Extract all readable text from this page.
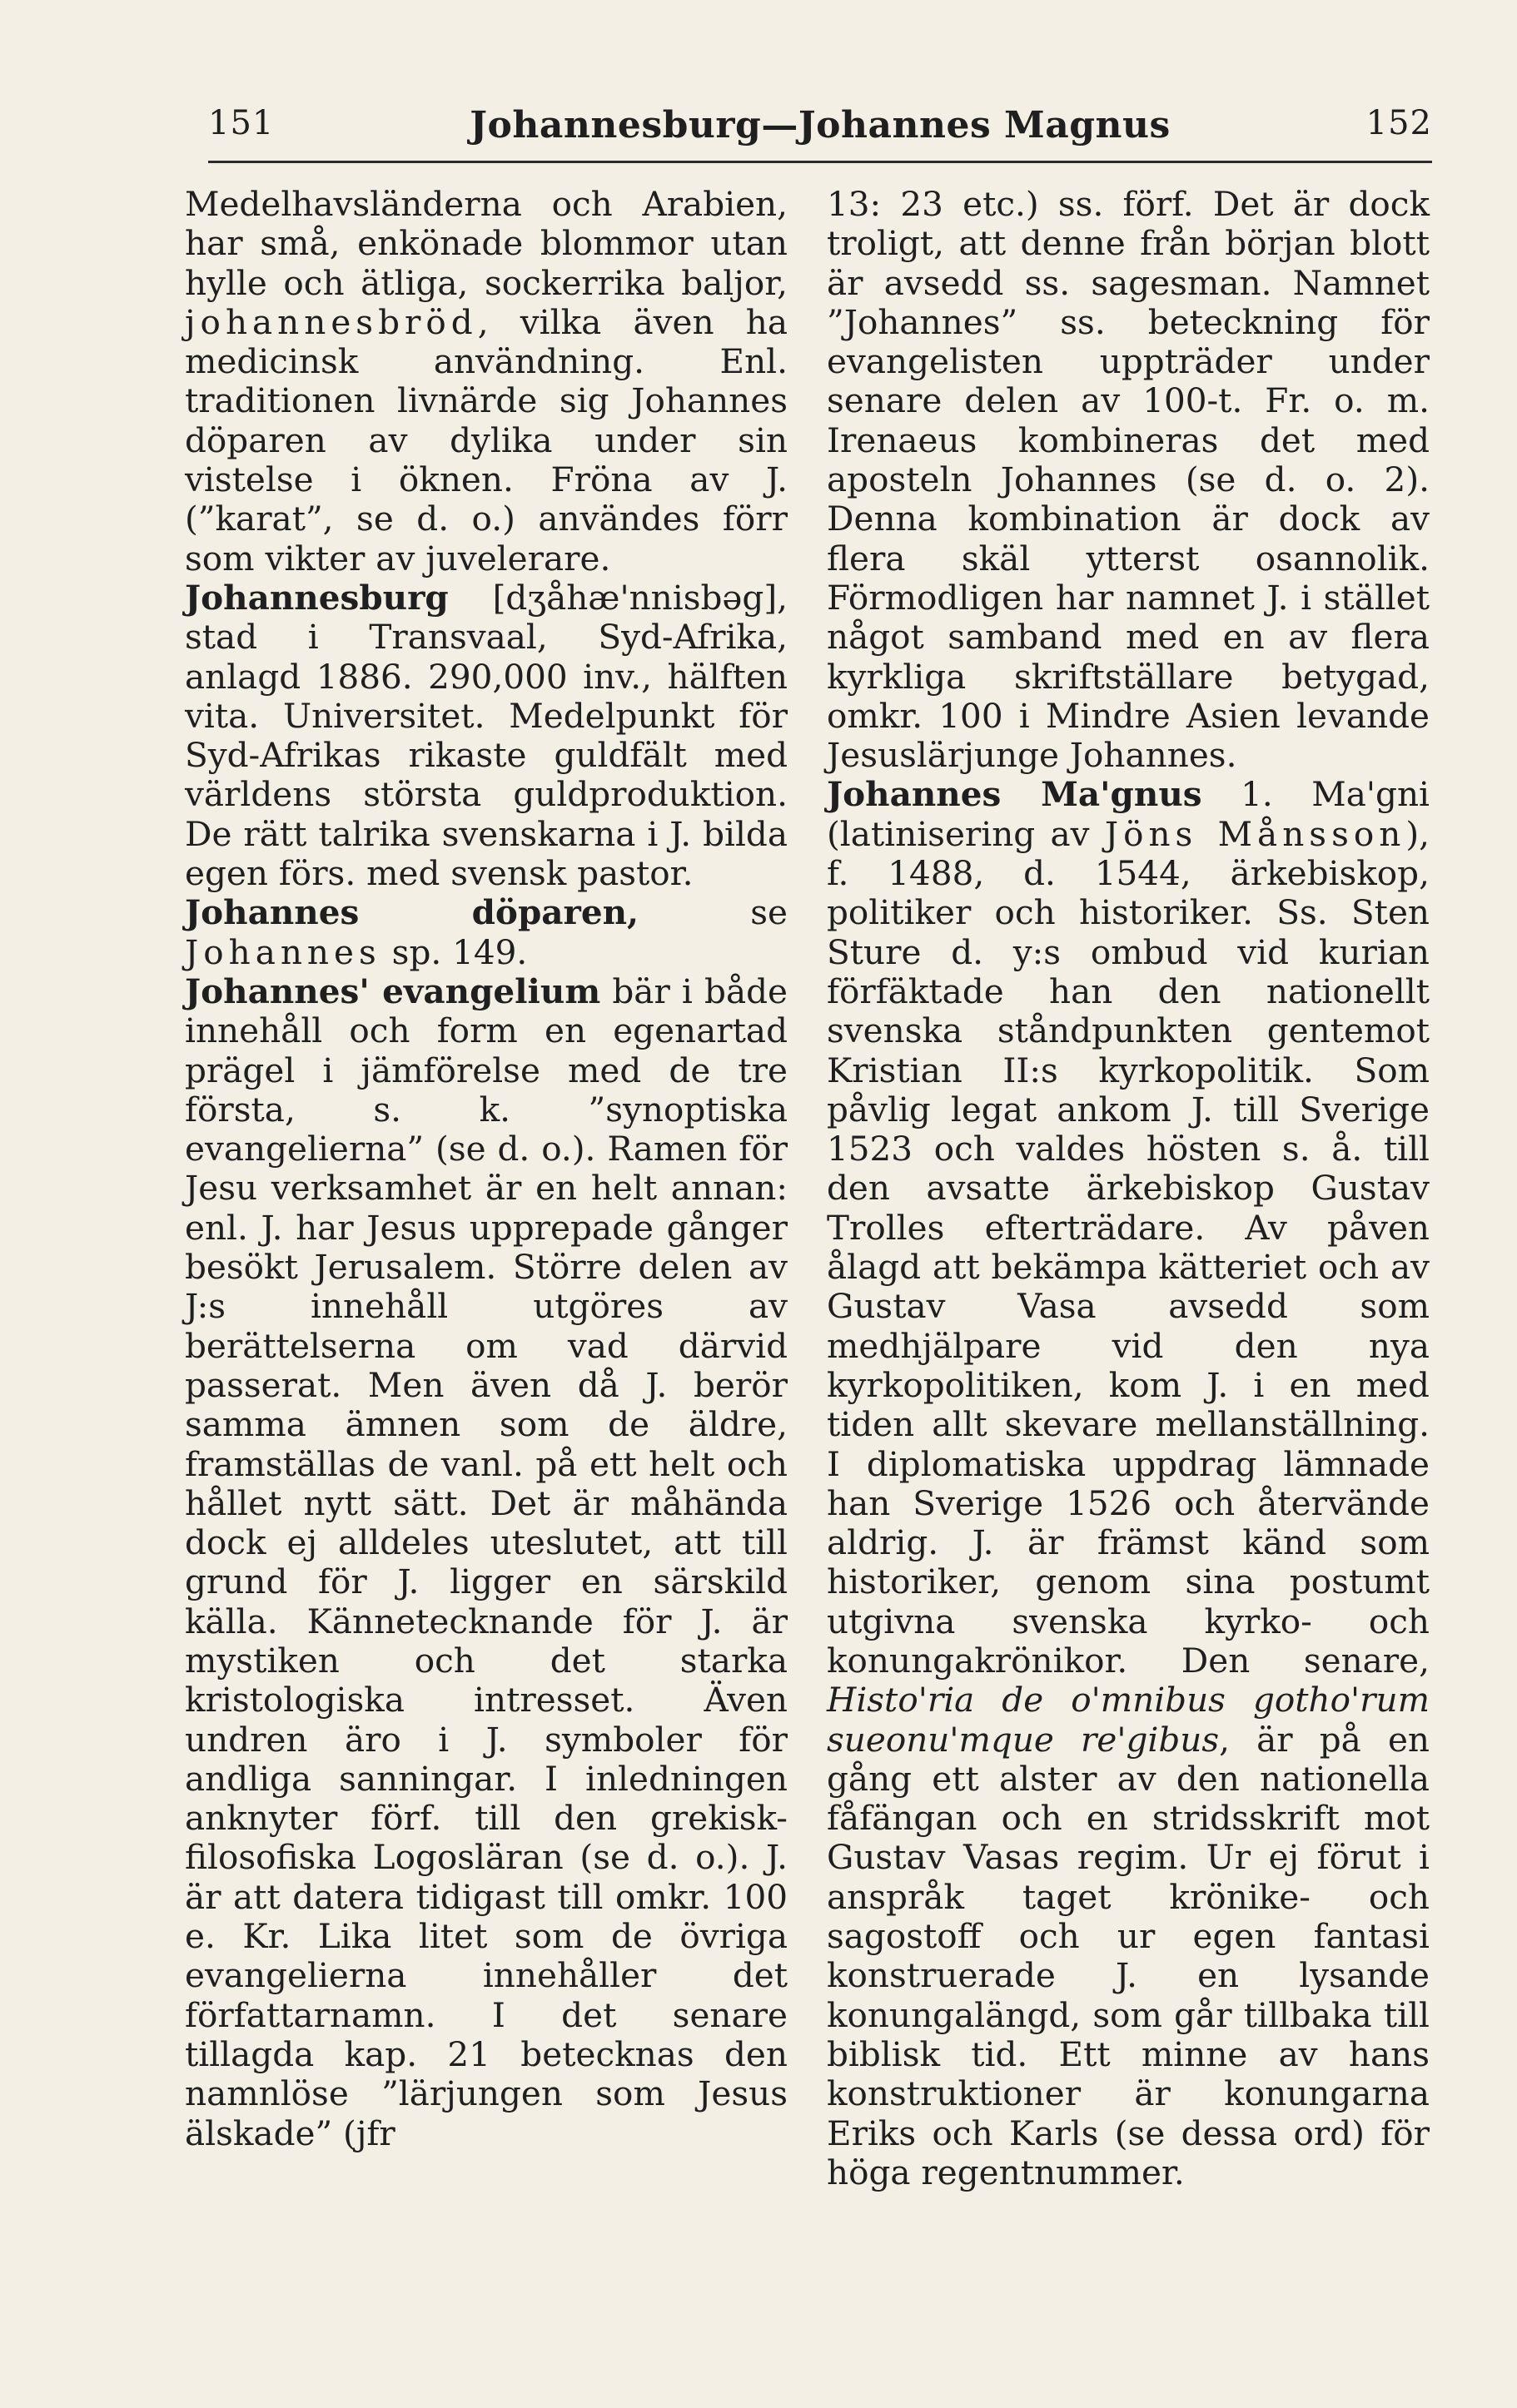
151	Johannesburg—Johannes Magnus	152

Medelhavsländerna och Arabien, har små, enkönade blommor utan hylle och ätliga, sockerrika baljor, johannesbröd, vilka även ha medicinsk användning. Enl. traditionen livnärde sig Johannes döparen av dylika under sin vistelse i öknen. Fröna av J. (”karat”, se d. o.) användes förr som vikter av juvelerare.

Johannesburg [dʒåhæ'nnisbəg], stad i Transvaal, Syd-Afrika, anlagd 1886. 290,000 inv., hälften vita. Universitet. Medelpunkt för Syd-Afrikas rikaste guldfält med världens största guldproduktion. De rätt talrika svenskarna i J. bilda egen förs. med svensk pastor.

Johannes döparen, se Johannes sp. 149.

Johannes' evangelium bär i både innehåll och form en egenartad prägel i jämförelse med de tre första, s. k. ”synoptiska evangelierna” (se d. o.). Ramen för Jesu verksamhet är en helt annan: enl. J. har Jesus upprepade gånger besökt Jerusalem. Större delen av J:s innehåll utgöres av berättelserna om vad därvid passerat. Men även då J. berör samma ämnen som de äldre, framställas de vanl. på ett helt och hållet nytt sätt. Det är måhända dock ej alldeles uteslutet, att till grund för J. ligger en särskild källa. Kännetecknande för J. är mystiken och det starka kristologiska intresset. Även undren äro i J. symboler för andliga sanningar. I inledningen anknyter förf. till den grekisk-filosofiska Logosläran (se d. o.). J. är att datera tidigast till omkr. 100 e. Kr. Lika litet som de övriga evangelierna innehåller det författarnamn. I det senare tillagda kap. 21 betecknas den namnlöse ”lärjungen som Jesus älskade” (jfr

13: 23 etc.) ss. förf. Det är dock troligt, att denne från början blott är avsedd ss. sagesman. Namnet ”Johannes” ss. beteckning för evangelisten uppträder under senare delen av 100-t. Fr. o. m. Irenaeus kombineras det med aposteln Johannes (se d. o. 2). Denna kombination är dock av flera skäl ytterst osannolik. Förmodligen har namnet J. i stället något samband med en av flera kyrkliga skriftställare betygad, omkr. 100 i Mindre Asien levande Jesuslärjunge Johannes.

Johannes Ma'gnus 1. Ma'gni (latinisering av Jöns Månsson), f. 1488, d. 1544, ärkebiskop, politiker och historiker. Ss. Sten Sture d. y:s ombud vid kurian förfäktade han den nationellt svenska ståndpunkten gentemot Kristian II:s kyrkopolitik. Som påvlig legat ankom J. till Sverige 1523 och valdes hösten s. å. till den avsatte ärkebiskop Gustav Trolles efterträdare. Av påven ålagd att bekämpa kätteriet och av Gustav Vasa avsedd som medhjälpare vid den nya kyrkopolitiken, kom J. i en med tiden allt skevare mellanställning. I diplomatiska uppdrag lämnade han Sverige 1526 och återvände aldrig. J. är främst känd som historiker, genom sina postumt utgivna svenska kyrko- och konungakrönikor. Den senare, Histo'ria de o'mnibus gotho'rum sueonu'mque re'gibus, är på en gång ett alster av den nationella fåfängan och en stridsskrift mot Gustav Vasas regim. Ur ej förut i anspråk taget krönike- och sagostoff och ur egen fantasi konstruerade J. en lysande konungalängd, som går tillbaka till biblisk tid. Ett minne av hans konstruktioner är konungarna Eriks och Karls (se dessa ord) för höga regentnummer.
